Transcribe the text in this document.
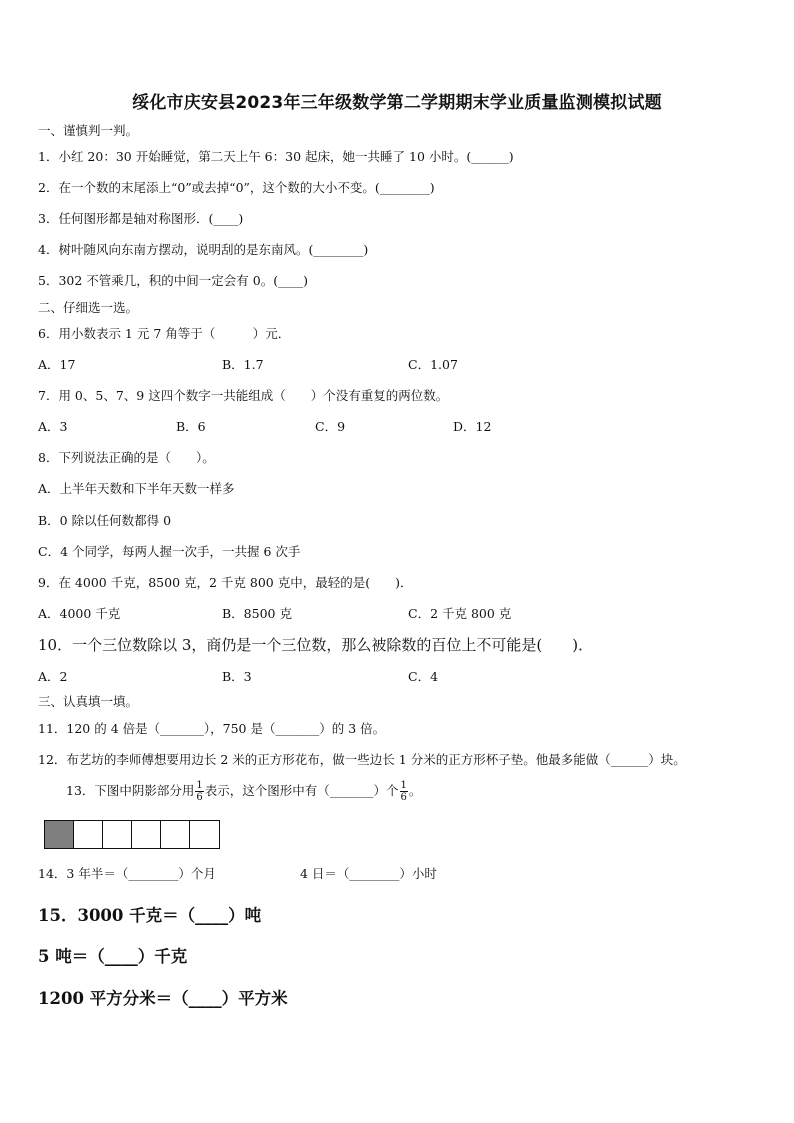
绥化市庆安县2023年三年级数学第二学期期末学业质量监测模拟试题
一、谨慎判一判。
1．小红 20：30 开始睡觉，第二天上午 6：30 起床，她一共睡了 10 小时。(______)
2．在一个数的末尾添上“0”或去掉“0”，这个数的大小不变。(________)
3．任何图形都是轴对称图形．(____)
4．树叶随风向东南方摆动，说明刮的是东南风。(________)
5．302 不管乘几，积的中间一定会有 0。(____)
二、仔细选一选。
6．用小数表示 1 元 7 角等于（　　　）元．
A．17	B．1.7	C．1.07
7．用 0、5、7、9 这四个数字一共能组成（　　）个没有重复的两位数。
A．3	B．6	C．9	D．12
8．下列说法正确的是（　　）。
A．上半年天数和下半年天数一样多
B．0 除以任何数都得 0
C．4 个同学，每两人握一次手，一共握 6 次手
9．在 4000 千克，8500 克，2 千克 800 克中，最轻的是(　　)．
A．4000 千克	B．8500 克	C．2 千克 800 克
10．一个三位数除以 3，商仍是一个三位数，那么被除数的百位上不可能是(　　)．
A．2	B．3	C．4
三、认真填一填。
11．120 的 4 倍是（_______），750 是（_______）的 3 倍。
12．布艺坊的李师傅想要用边长 2 米的正方形花布，做一些边长 1 分米的正方形杯子垫。他最多能做（______）块。
13．下图中阴影部分用 $\frac{1}{6}$ 表示，这个图形中有（_______）个 $\frac{1}{6}$ 。
14．3 年半＝（________）个月	4 日＝（________）小时
15．3000 千克＝（____）吨
5 吨＝（____）千克
1200 平方分米＝（____）平方米
